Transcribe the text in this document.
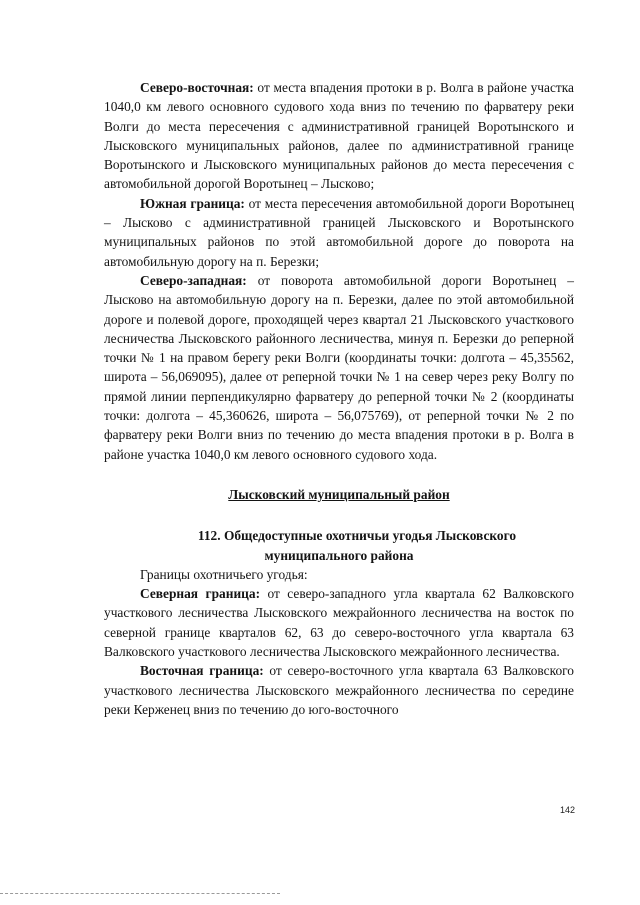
Северо-восточная: от места впадения протоки в р. Волга в районе участка 1040,0 км левого основного судового хода вниз по течению по фарватеру реки Волги до места пересечения с административной границей Воротынского и Лысковского муниципальных районов, далее по административной границе Воротынского и Лысковского муниципальных районов до места пересечения с автомобильной дорогой Воротынец – Лысково;

Южная граница: от места пересечения автомобильной дороги Воротынец – Лысково с административной границей Лысковского и Воротынского муниципальных районов по этой автомобильной дороге до поворота на автомобильную дорогу на п. Березки;

Северо-западная: от поворота автомобильной дороги Воротынец – Лысково на автомобильную дорогу на п. Березки, далее по этой автомобильной дороге и полевой дороге, проходящей через квартал 21 Лысковского участкового лесничества Лысковского районного лесничества, минуя п. Березки до реперной точки № 1 на правом берегу реки Волги (координаты точки: долгота – 45,35562, широта – 56,069095), далее от реперной точки № 1 на север через реку Волгу по прямой линии перпендикулярно фарватеру до реперной точки № 2 (координаты точки: долгота – 45,360626, широта – 56,075769), от реперной точки № 2 по фарватеру реки Волги вниз по течению до места впадения протоки в р. Волга в районе участка 1040,0 км левого основного судового хода.

Лысковский муниципальный район

112. Общедоступные охотничьи угодья Лысковского

муниципального района

Границы охотничьего угодья:

Северная граница: от северо-западного угла квартала 62 Валковского участкового лесничества Лысковского межрайонного лесничества на восток по северной границе кварталов 62, 63 до северо-восточного угла квартала 63 Валковского участкового лесничества Лысковского межрайонного лесничества.

Восточная граница: от северо-восточного угла квартала 63 Валковского участкового лесничества Лысковского межрайонного лесничества по середине реки Керженец вниз по течению до юго-восточного

142
